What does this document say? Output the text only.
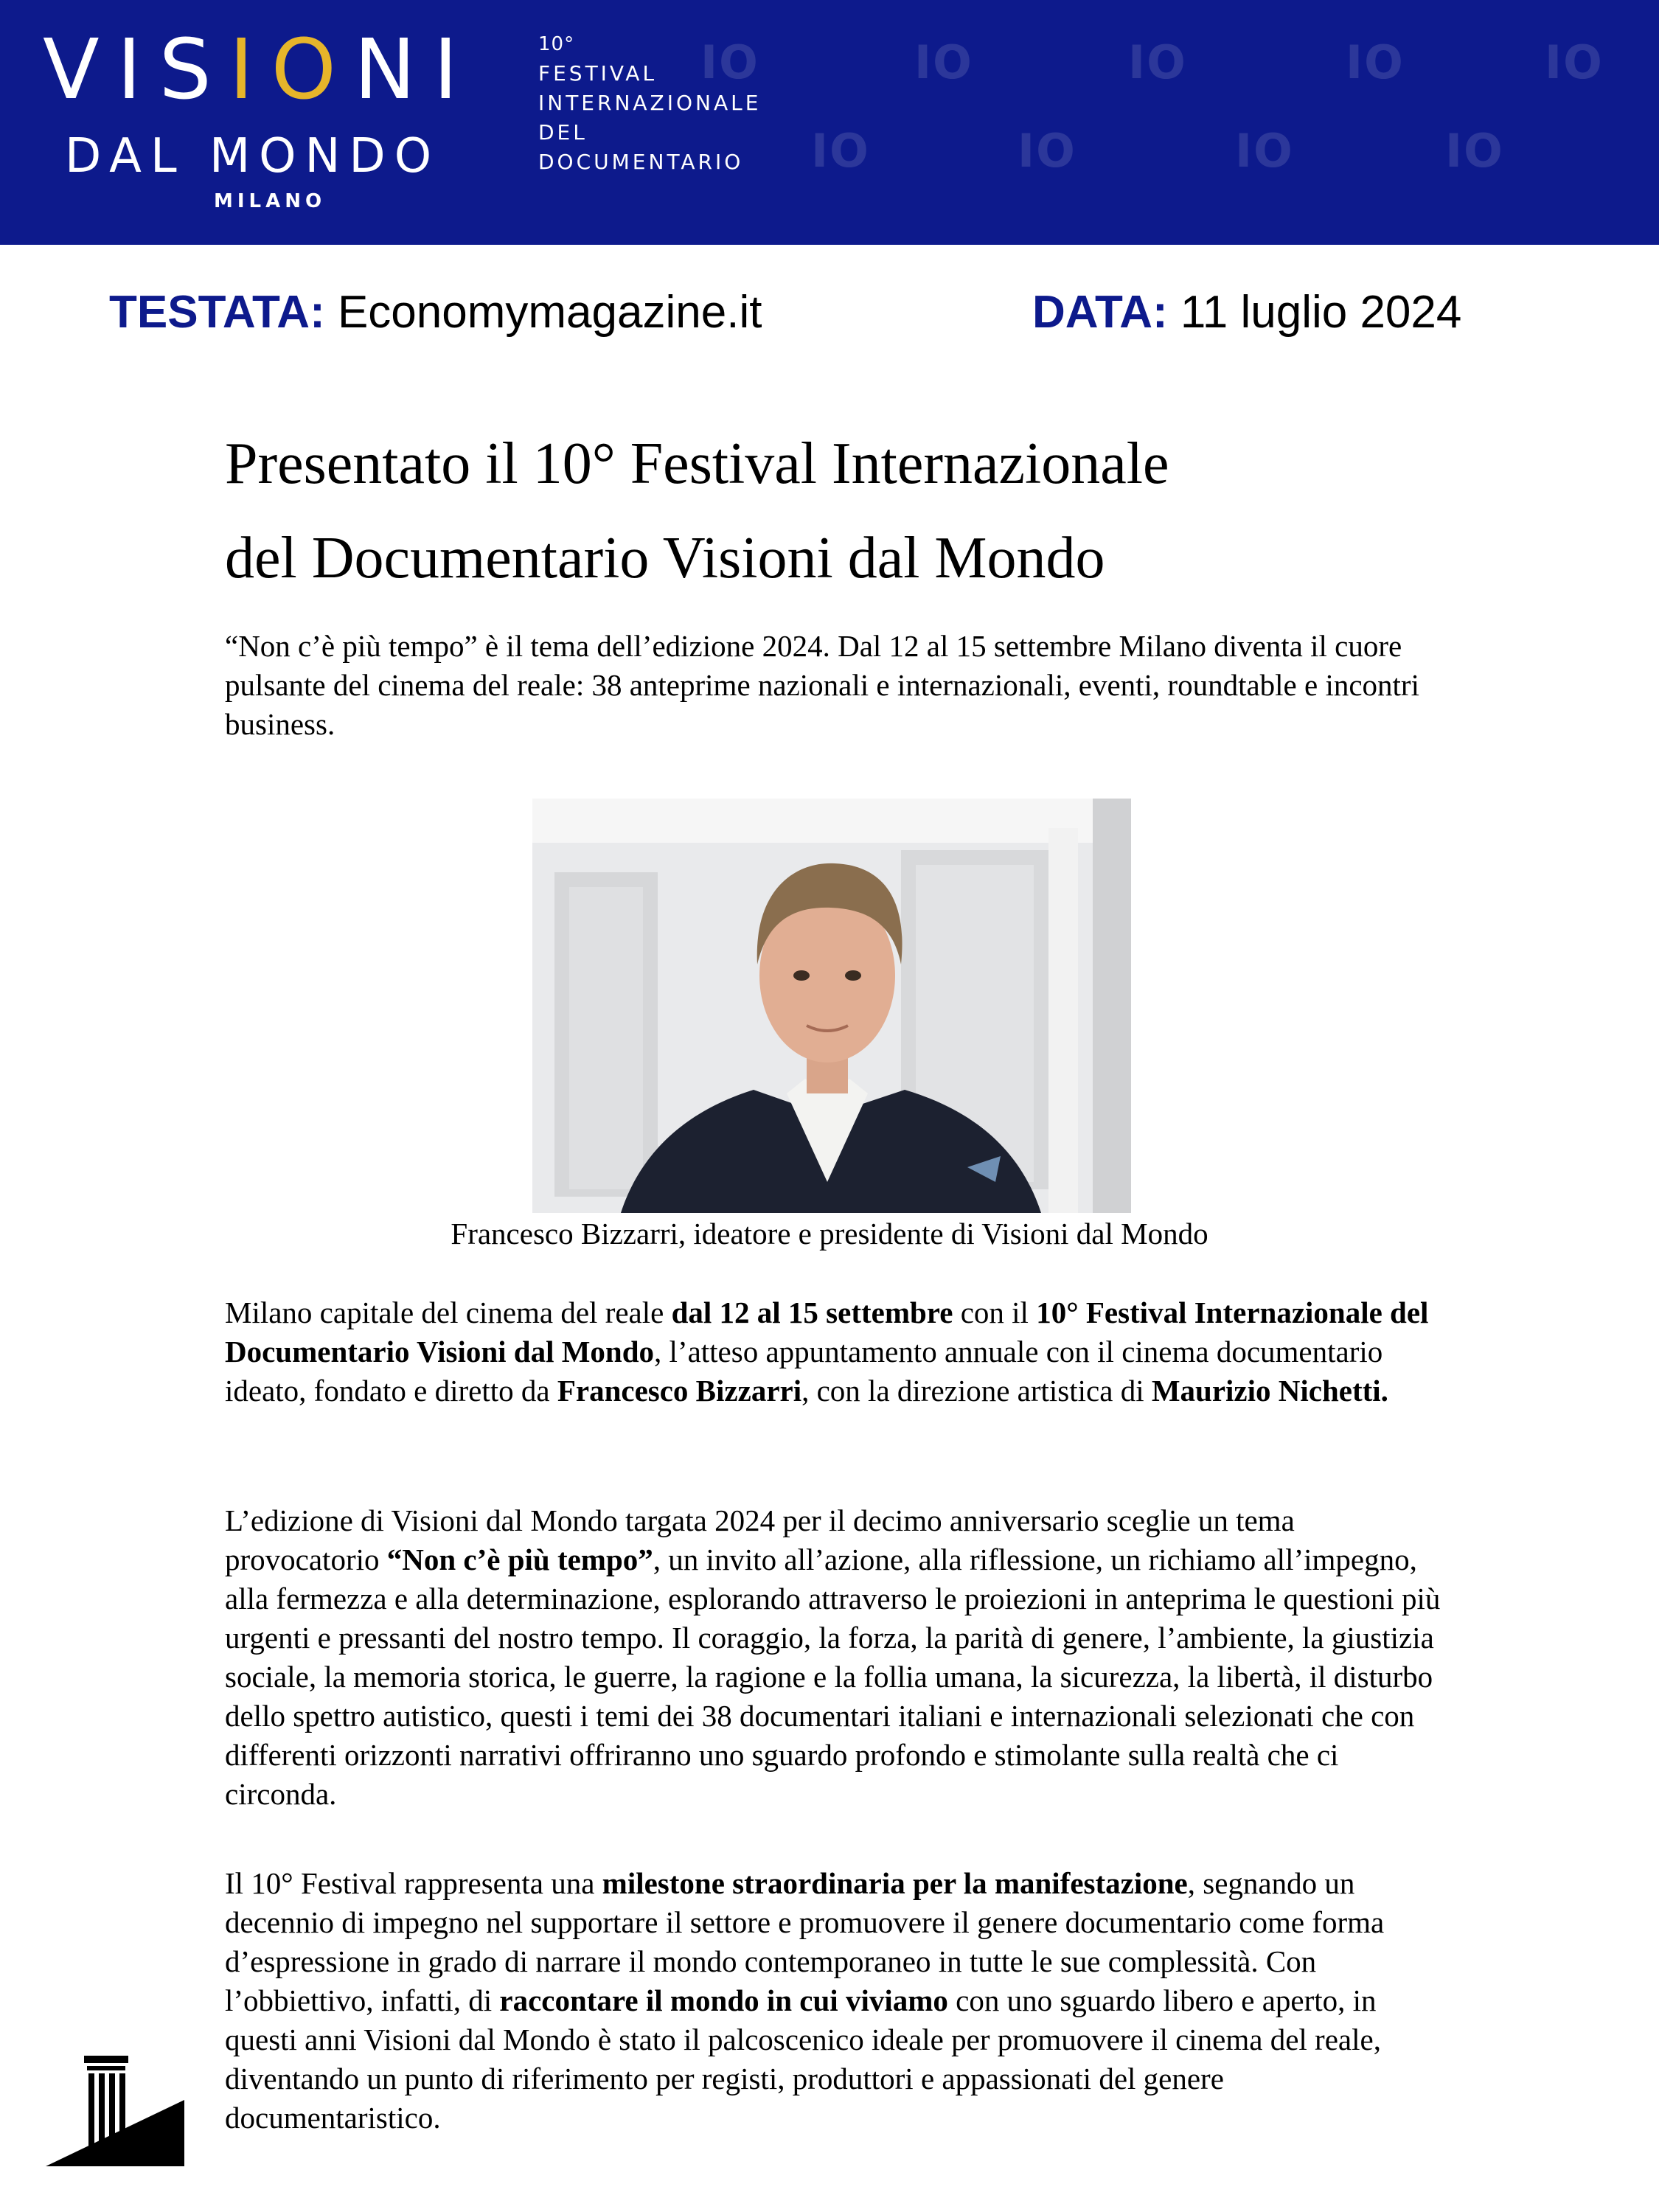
IO	IO	IO	IO
IO
IO	IO	IO	IO
VISIONI
DAL MONDO
MILANO
10°
FESTIVAL
INTERNAZIONALE
DEL
DOCUMENTARIO
TESTATA: Economymagazine.it	DATA: 11 luglio 2024
Presentato il 10° Festival Internazionale
del Documentario Visioni dal Mondo

“Non c’è più tempo” è il tema dell’edizione 2024. Dal 12 al 15 settembre Milano diventa il cuore pulsante del cinema del reale: 38 anteprime nazionali e internazionali, eventi, roundtable e incontri business.

Francesco Bizzarri, ideatore e presidente di Visioni dal Mondo

Milano capitale del cinema del reale dal 12 al 15 settembre con il 10° Festival Internazionale del Documentario Visioni dal Mondo, l’atteso appuntamento annuale con il cinema documentario ideato, fondato e diretto da Francesco Bizzarri, con la direzione artistica di Maurizio Nichetti.

L’edizione di Visioni dal Mondo targata 2024 per il decimo anniversario sceglie un tema provocatorio “Non c’è più tempo”, un invito all’azione, alla riflessione, un richiamo all’impegno, alla fermezza e alla determinazione, esplorando attraverso le proiezioni in anteprima le questioni più urgenti e pressanti del nostro tempo. Il coraggio, la forza, la parità di genere, l’ambiente, la giustizia sociale, la memoria storica, le guerre, la ragione e la follia umana, la sicurezza, la libertà, il disturbo dello spettro autistico, questi i temi dei 38 documentari italiani e internazionali selezionati che con differenti orizzonti narrativi offriranno uno sguardo profondo e stimolante sulla realtà che ci circonda.

Il 10° Festival rappresenta una milestone straordinaria per la manifestazione, segnando un decennio di impegno nel supportare il settore e promuovere il genere documentario come forma d’espressione in grado di narrare il mondo contemporaneo in tutte le sue complessità. Con l’obbiettivo, infatti, di raccontare il mondo in cui viviamo con uno sguardo libero e aperto, in questi anni Visioni dal Mondo è stato il palcoscenico ideale per promuovere il cinema del reale, diventando un punto di riferimento per registi, produttori e appassionati del genere documentaristico.
